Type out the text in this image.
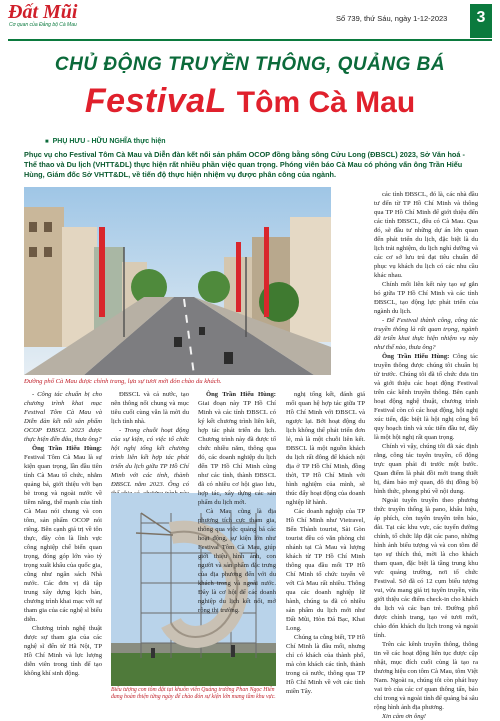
Đất Mũi
Cơ quan của Đảng bộ Cà Mau
Số 739, thứ Sáu, ngày 1-12-2023	3
CHỦ ĐỘNG TRUYỀN THÔNG, QUẢNG BÁ
FestivaL Tôm Cà Mau
■ PHỤ HƯU - HỮU NGHĨA thực hiện
Phục vụ cho Festival Tôm Cà Mau và Diễn đàn kết nối sản phẩm OCOP đồng bằng sông Cửu Long (ĐBSCL) 2023, Sở Văn hoá - Thể thao và Du lịch (VHTT&DL) thực hiện rất nhiều phần việc quan trọng. Phóng viên báo Cà Mau có phỏng vấn ông Trần Hiếu Hùng, Giám đốc Sở VHTT&DL, về tiến độ thực hiện nhiệm vụ được phân công của ngành.
Đường phố Cà Mau được chỉnh trang, lựa sự tươi mới đón chào du khách.

- Công tác chuẩn bị cho chương trình khai mạc Festival Tôm Cà Mau và Diễn đàn kết nối sản phẩm OCOP ĐBSCL 2023 được thực hiện đến đâu, thưa ông?

Ông Trần Hiếu Hùng: Festival Tôm Cà Mau là sự kiện quan trọng, lần đầu tiên tỉnh Cà Mau tổ chức, nhằm quảng bá, giới thiệu với bạn bè trong và ngoài nước về tiềm năng, thế mạnh của tỉnh Cà Mau nói chung và con tôm, sản phẩm OCOP nói riêng. Bên cạnh giá trị về tôn thực, đây còn là lĩnh vực công nghiệp chế biến quan trọng, đóng góp lớn vào tỷ trọng xuất khẩu của quốc gia, cũng như ngân sách Nhà nước. Các đơn vị đã tập trung xây dựng kịch bản, chương trình khai mạc với sự tham gia của các nghệ sĩ biểu diễn.

Chương trình nghệ thuật được sự tham gia của các nghệ sĩ đến từ Hà Nội, TP Hồ Chí Minh và lực lượng diễn viên trong tỉnh để tạo không khí sinh động.

ĐBSCL và cả nước, tạo nên thông nối chung và mục tiêu cuối cùng vẫn là mời du lịch tỉnh nhà.

- Trong chuỗi hoạt động của sự kiện, có việc tổ chức hội nghị tổng kết chương trình liên kết hợp tác phát triển du lịch giữa TP Hồ Chí Minh với các tỉnh, thành ĐBSCL năm 2023. Ông có

Biểu tượng con tôm đặt tại khuôn viên Quảng trường Phan Ngọc Hiển đang hoàn thiện từng ngày để chào đón sự kiện lớn mang tầm khu vực.

Ông Trần Hiếu Hùng: Giai đoạn này TP Hồ Chí Minh và các tỉnh ĐBSCL có ký kết chương trình liên kết, hợp tác phát triển du lịch. Chương trình này đã được tổ chức nhiều năm, thông qua đó, các doanh nghiệp du lịch đến TP Hồ Chí Minh cũng như các tỉnh, thành ĐBSCL đã có nhiều cơ hội giao lưu, hợp tác, xây dựng các sản phẩm du lịch mới.

Cà Mau cũng là địa phương tích cực tham gia, thông qua việc quảng bá các hoạt động, sự kiện lớn như Festival Tôm Cà Mau, giúp giới thiệu hình ảnh, con người và sản phẩm đặc trưng của địa phương đến với du khách trong và ngoài nước. Đây là cơ hội để các doanh nghiệp du lịch kết nối, mở rộng thị trường.

nghị tổng kết, đánh giá mối quan hệ hợp tác giữa TP Hồ Chí Minh với ĐBSCL và ngược lại. Bởi hoạt động du lịch không thể phát triển đơn lẻ, mà là một chuỗi liên kết. ĐBSCL là một nguồn khách du lịch rất đông để khách nội địa ở TP Hồ Chí Minh, đồng thời, TP Hồ Chí Minh với hình nghiệm của mình, sẽ thúc đẩy hoạt động của doanh nghiệp lữ hành.

Các doanh nghiệp của TP Hồ Chí Minh như Vietravel, Bến Thành tourist, Sài Gòn tourist đều có văn phòng chi nhánh tại Cà Mau và lượng khách từ TP Hồ Chí Minh thông qua đầu mối TP Hồ Chí Minh tổ chức tuyến về với Cà Mau rất nhiều. Thông qua các doanh nghiệp lữ hành, chúng ta đã có nhiều sản phẩm du lịch mới như Đất Mũi, Hòn Đá Bạc, Khai Long.

Chúng ta cũng biết, TP Hồ Chí Minh là đầu mối, nhưng chỉ có khách của thành phố, mà còn khách các tỉnh, thành trong cả nước, thông qua TP Hồ Chí Minh về với các tỉnh miền Tây.

các tỉnh ĐBSCL, đó là, các nhà đầu tư đến từ TP Hồ Chí Minh và thông qua TP Hồ Chí Minh để giới thiệu đến các tỉnh ĐBSCL, đều có Cà Mau. Qua đó, sẽ đầu tư những dự án lớn quan đến phát triển du lịch, đặc biệt là du lịch trải nghiệm, du lịch nghỉ dưỡng và các cơ sở lưu trú đạt tiêu chuẩn để phục vụ khách du lịch có các nhu cầu khác nhau.

Chính mối liên kết này tạo sự gắn bó giữa TP Hồ Chí Minh và các tỉnh ĐBSCL, tạo động lực phát triển của ngành du lịch.

- Để Festival thành công, công tác truyền thông là rất quan trọng, ngành đã triển khai thực hiện nhiệm vụ này như thế nào, thưa ông?

Ông Trần Hiếu Hùng: Công tác truyền thông được chúng tôi chuẩn bị từ trước. Chúng tôi đã tổ chức đưa tin và giới thiệu các hoạt động Festival trên các kênh truyền thông. Bên cạnh hoạt động nghệ thuật, chương trình Festival còn có các hoạt động, hội nghị xúc tiến, đặc biệt là hội nghị công bố quy hoạch tỉnh và xúc tiến đầu tư, đây là một hội nghị rất quan trọng.

Chính vì vậy, chúng tôi đã xác định rằng, công tác tuyên truyền, cổ động trực quan phải đi trước một bước. Quan điểm là phải đồi mới trang thiết bị, đảm bảo mỹ quan, đô thị đồng bộ hình thức, phong phú về nội dung.

Ngoài tuyên truyền theo phương thức truyền thống là pano, khẩu hiệu, áp phích, còn tuyên truyền trên báo, đài. Tại các khu vực, các tuyến đường chính, tổ chức lắp đặt các pano, những hình ảnh biểu tượng và và con tôm để tạo sự thích thú, mời là cho khách tham quan, đặc biệt là tầng trung khu vực quảng trường, nơi tổ chức Festival. Sở đã có 12 cụm biểu tượng vui, vừa mang giá trị tuyên truyền, vừa giới thiệu các điểm check-in cho khách du lịch và các bạn trẻ. Đường phố được chỉnh trang, tạo vẻ tươi mới, chào đón khách du lịch trong và ngoài tỉnh.

Trên các kênh truyền thông, thông tin về các hoạt động liên tục được cập nhật, mục đích cuối cùng là tạo ra thương hiệu con tôm Cà Mau, tôm Việt Nam. Ngoài ra, chúng tôi còn phát huy vai trò của các cơ quan thông tấn, báo chí trong và ngoài tỉnh để quảng bá sâu rộng hình ảnh địa phương.

Xin cảm ơn ông!
